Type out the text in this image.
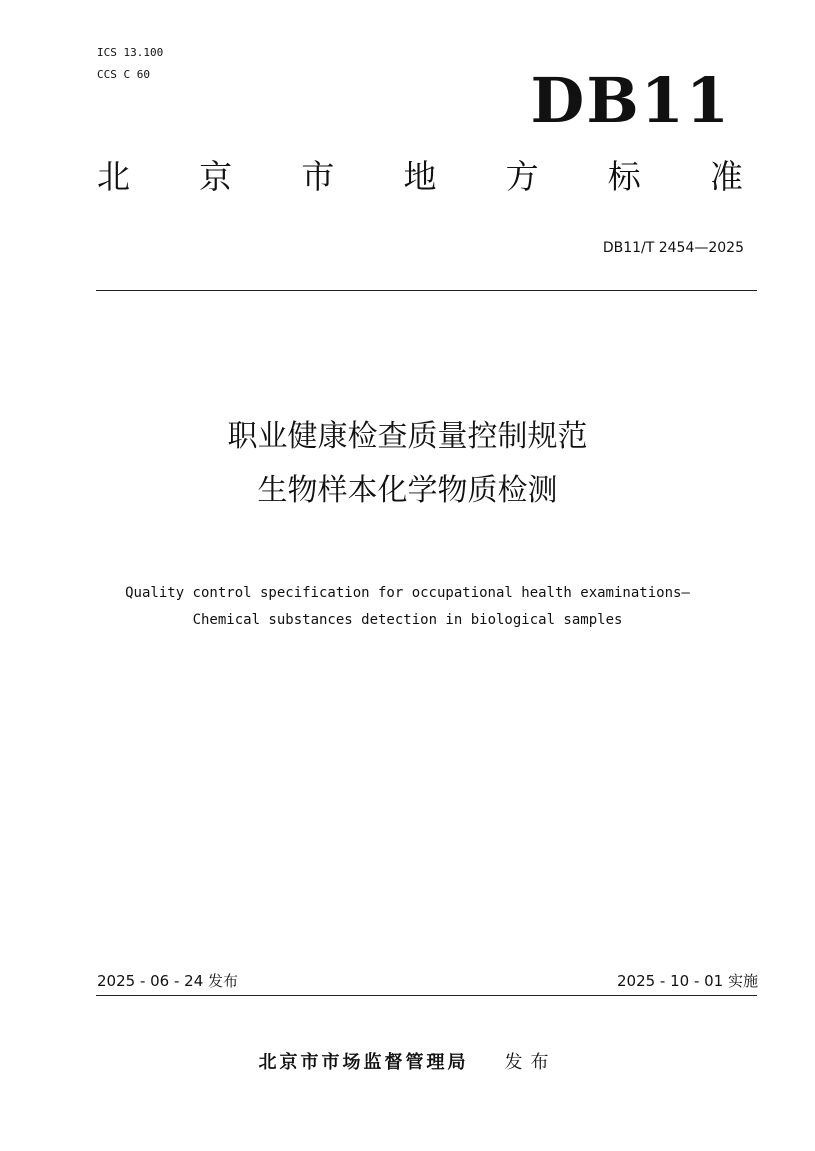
ICS 13.100
CCS C 60	DB11
北 京 市 地 方 标 准
DB11/T 2454—2025
职业健康检查质量控制规范
生物样本化学物质检测
Quality control specification for occupational health examinations—
Chemical substances detection in biological samples
2025 - 06 - 24 发布	2025 - 10 - 01 实施
北京市市场监督管理局 发布
